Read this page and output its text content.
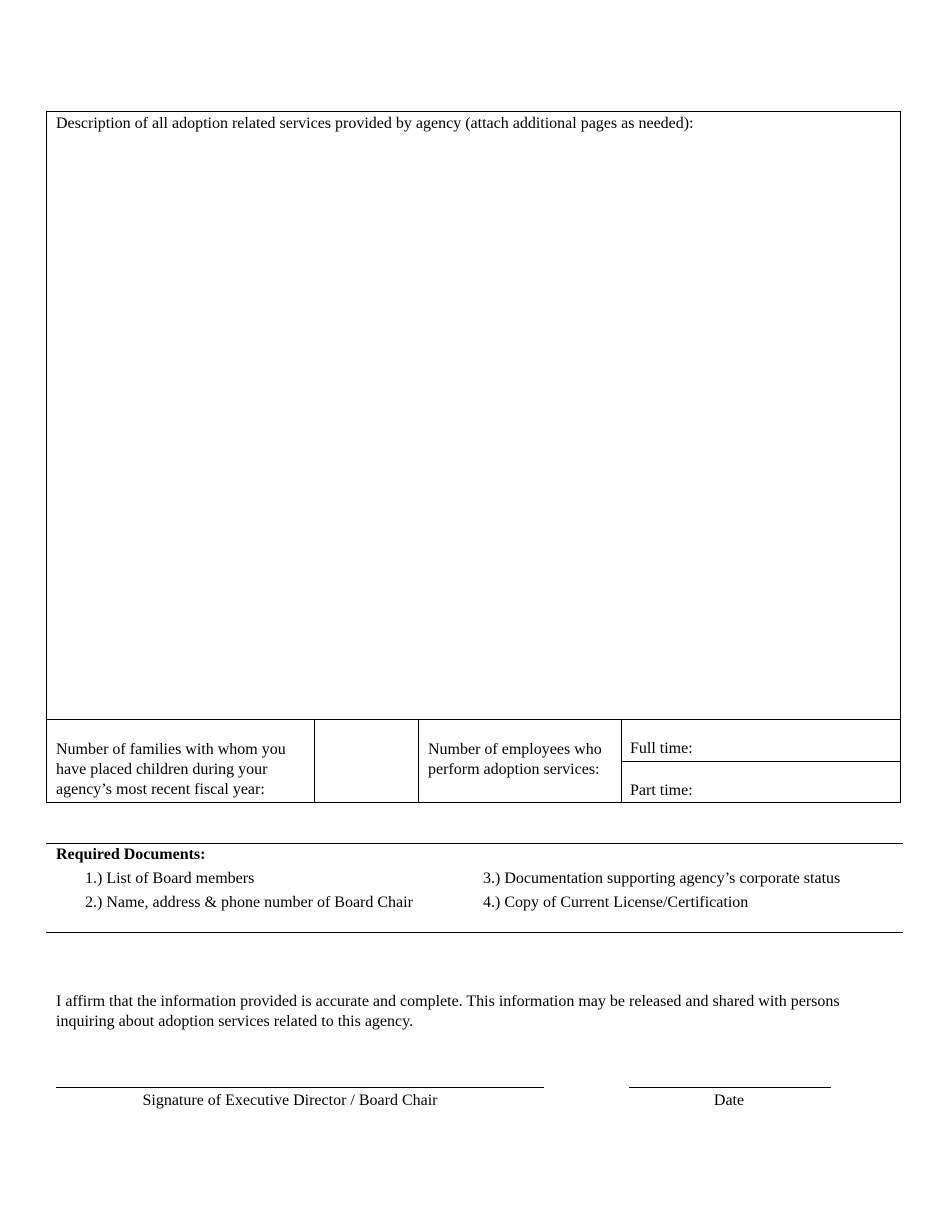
Description of all adoption related services provided by agency (attach additional pages as needed):
Number of families with whom you have placed children during your agency’s most recent fiscal year:
Number of employees who perform adoption services:
Full time:
Part time:
Required Documents:
1.) List of Board members
2.) Name, address & phone number of Board Chair
3.) Documentation supporting agency’s corporate status
4.) Copy of Current License/Certification
I affirm that the information provided is accurate and complete. This information may be released and shared with persons inquiring about adoption services related to this agency.
Signature of Executive Director / Board Chair	Date
